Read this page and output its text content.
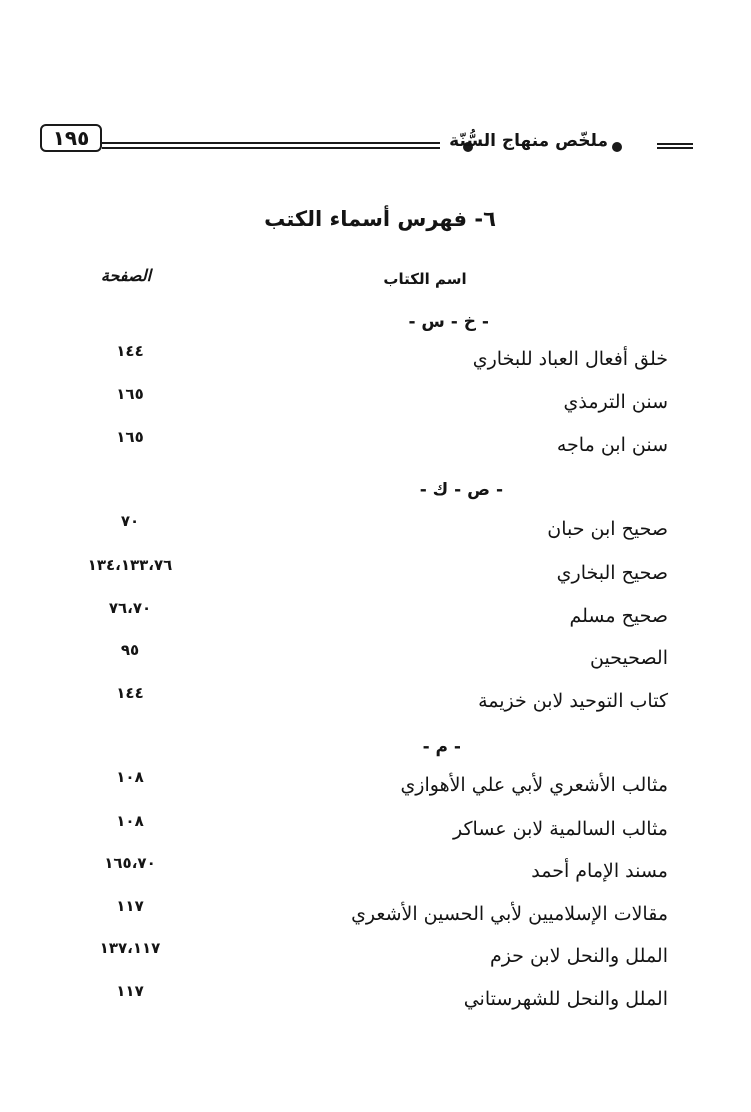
١٩٥	ملخّص منهاج السُّنّة
٦- فهرس أسماء الكتب
اسم الكتاب
الصفحة
- خ - س -
خلق أفعال العباد للبخاري
١٤٤
سنن الترمذي
١٦٥
سنن ابن ماجه
١٦٥
- ص - ك -
صحيح ابن حبان
٧٠
صحيح البخاري
١٣٤،١٣٣،٧٦
صحيح مسلم
٧٦،٧٠
الصحيحين
٩٥
كتاب التوحيد لابن خزيمة
١٤٤
- م -
مثالب الأشعري لأبي علي الأهوازي
١٠٨
مثالب السالمية لابن عساكر
١٠٨
مسند الإمام أحمد
١٦٥،٧٠
مقالات الإسلاميين لأبي الحسين الأشعري
١١٧
الملل والنحل لابن حزم
١٣٧،١١٧
الملل والنحل للشهرستاني
١١٧
